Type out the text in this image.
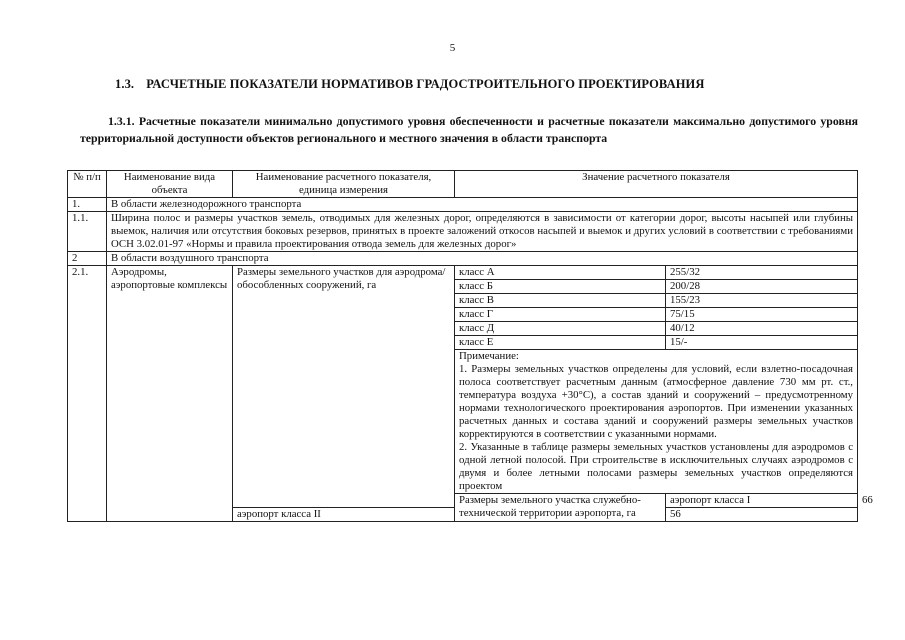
5
1.3. РАСЧЕТНЫЕ ПОКАЗАТЕЛИ НОРМАТИВОВ ГРАДОСТРОИТЕЛЬНОГО ПРОЕКТИРОВАНИЯ
1.3.1. Расчетные показатели минимально допустимого уровня обеспеченности и расчетные показатели максимально допустимого уровня территориальной доступности объектов регионального и местного значения в области транспорта
№ п/п	Наименование вида объекта	Наименование расчетного показателя, единица измерения	Значение расчетного показателя		
1.	В области железнодорожного транспорта				
1.1.	Ширина полос и размеры участков земель, отводимых для железных дорог, определяются в зависимости от категории дорог, высоты насыпей или глубины выемок, наличия или отсутствия боковых резервов, принятых в проекте заложений откосов насыпей и выемок и других условий в соответствии с требованиями ОСН 3.02.01-97 «Нормы и правила проектирования отвода земель для железных дорог»				
2	В области воздушного транспорта				
2.1.	Аэродромы, аэропортовые комплексы	Размеры земельного участков для аэродрома/обособленных сооружений, га	класс А	255/32	
			класс Б	200/28	
			класс В	155/23	
			класс Г	75/15	
			класс Д	40/12	
			класс Е	15/-	

			Примечание:

1. Размеры земельных участков определены для условий, если взлетно-посадочная полоса соответствует расчетным данным (атмосферное давление 730 мм рт. ст., температура воздуха +30°С), а состав зданий и сооружений – предусмотренному нормами технологического проектирования аэропортов. При изменении указанных расчетных данных и состава зданий и сооружений размеры земельных участков корректируются в соответствии с указанными нормами.

2. Указанные в таблице размеры земельных участков установлены для аэродромов с одной летной полосой. При строительстве в исключительных случаях аэродромов с двумя и более летными полосами размеры земельных участков определяются проектом		

			Размеры земельного участка служебно-технической территории аэропорта, га	аэропорт класса I	66
		аэропорт класса II		56	
